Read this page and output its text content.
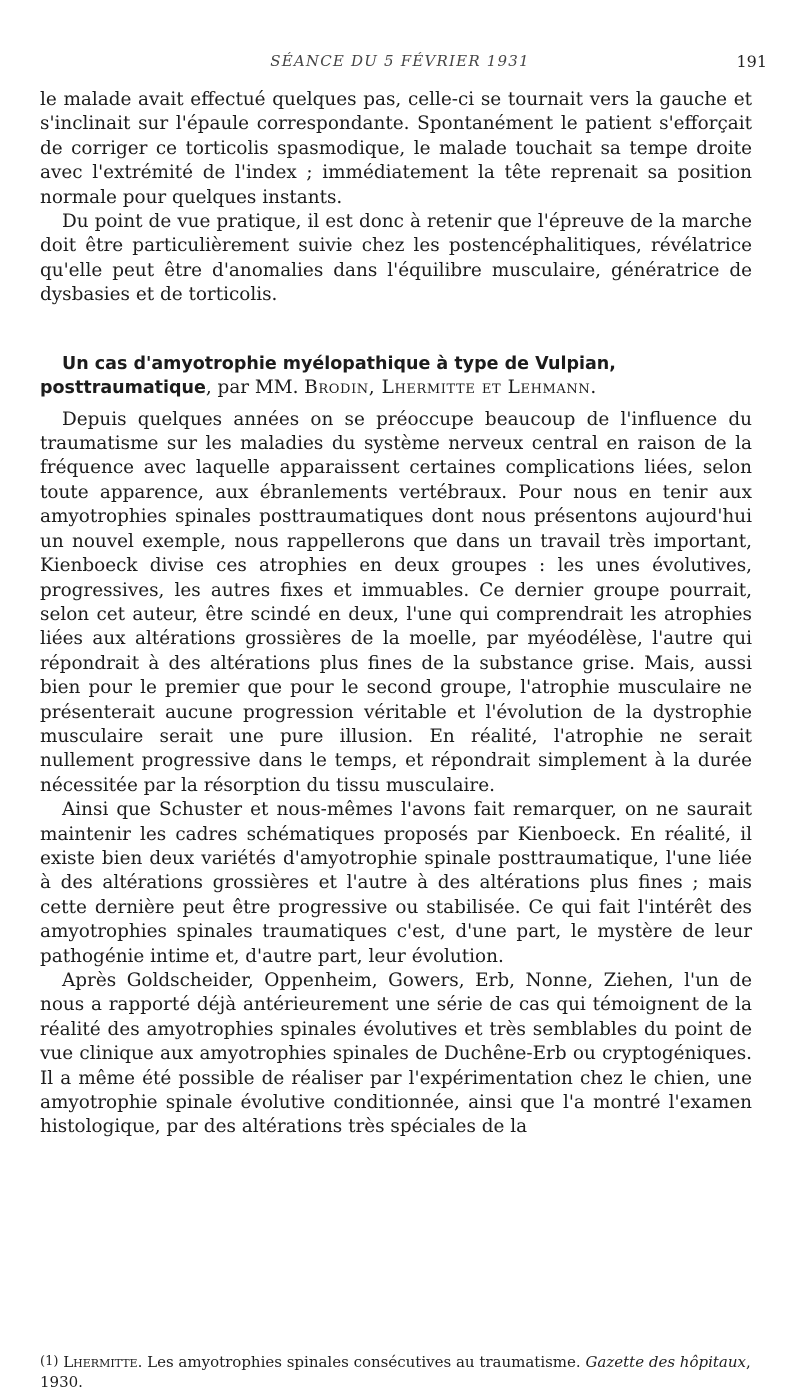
SÉANCE DU 5 FÉVRIER 1931	191

le malade avait effectué quelques pas, celle-ci se tournait vers la gauche et s'inclinait sur l'épaule correspondante. Spontanément le patient s'efforçait de corriger ce torticolis spasmodique, le malade touchait sa tempe droite avec l'extrémité de l'index ; immédiatement la tête reprenait sa position normale pour quelques instants.

Du point de vue pratique, il est donc à retenir que l'épreuve de la marche doit être particulièrement suivie chez les postencéphalitiques, révélatrice qu'elle peut être d'anomalies dans l'équilibre musculaire, génératrice de dysbasies et de torticolis.

Un cas d'amyotrophie myélopathique à type de Vulpian,
posttraumatique, par MM. Brodin, Lhermitte et Lehmann.

Depuis quelques années on se préoccupe beaucoup de l'influence du traumatisme sur les maladies du système nerveux central en raison de la fréquence avec laquelle apparaissent certaines complications liées, selon toute apparence, aux ébranlements vertébraux. Pour nous en tenir aux amyotrophies spinales posttraumatiques dont nous présentons aujourd'hui un nouvel exemple, nous rappellerons que dans un travail très important, Kienboeck divise ces atrophies en deux groupes : les unes évolutives, progressives, les autres fixes et immuables. Ce dernier groupe pourrait, selon cet auteur, être scindé en deux, l'une qui comprendrait les atrophies liées aux altérations grossières de la moelle, par myéodélèse, l'autre qui répondrait à des altérations plus fines de la substance grise. Mais, aussi bien pour le premier que pour le second groupe, l'atrophie musculaire ne présenterait aucune progression véritable et l'évolution de la dystrophie musculaire serait une pure illusion. En réalité, l'atrophie ne serait nullement progressive dans le temps, et répondrait simplement à la durée nécessitée par la résorption du tissu musculaire.

Ainsi que Schuster et nous-mêmes l'avons fait remarquer, on ne saurait maintenir les cadres schématiques proposés par Kienboeck. En réalité, il existe bien deux variétés d'amyotrophie spinale posttraumatique, l'une liée à des altérations grossières et l'autre à des altérations plus fines ; mais cette dernière peut être progressive ou stabilisée. Ce qui fait l'intérêt des amyotrophies spinales traumatiques c'est, d'une part, le mystère de leur pathogénie intime et, d'autre part, leur évolution.

Après Goldscheider, Oppenheim, Gowers, Erb, Nonne, Ziehen, l'un de nous a rapporté déjà antérieurement une série de cas qui témoignent de la réalité des amyotrophies spinales évolutives et très semblables du point de vue clinique aux amyotrophies spinales de Duchêne-Erb ou cryptogéniques. Il a même été possible de réaliser par l'expérimentation chez le chien, une amyotrophie spinale évolutive conditionnée, ainsi que l'a montré l'examen histologique, par des altérations très spéciales de la

(1) Lhermitte. Les amyotrophies spinales consécutives au traumatisme. Gazette des hôpitaux, 1930.
